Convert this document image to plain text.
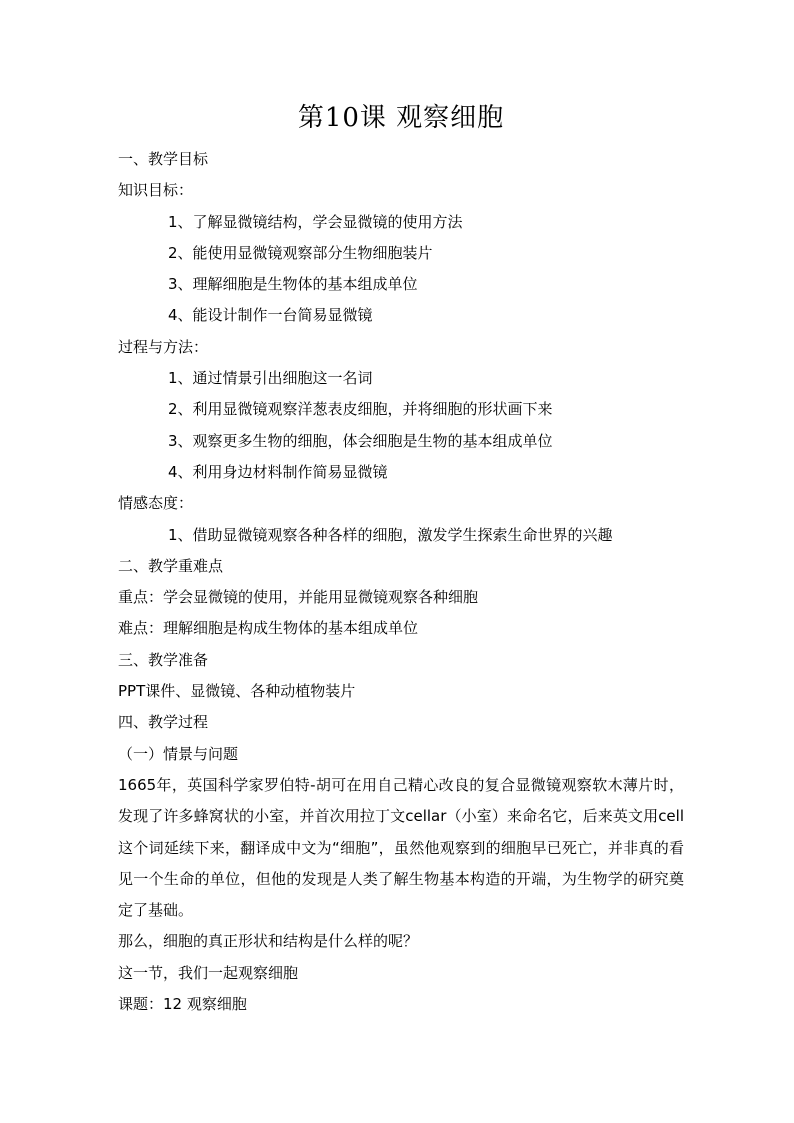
第10课 观察细胞

一、教学目标

知识目标：

1、了解显微镜结构，学会显微镜的使用方法

2、能使用显微镜观察部分生物细胞装片

3、理解细胞是生物体的基本组成单位

4、能设计制作一台简易显微镜

过程与方法：

1、通过情景引出细胞这一名词

2、利用显微镜观察洋葱表皮细胞，并将细胞的形状画下来

3、观察更多生物的细胞，体会细胞是生物的基本组成单位

4、利用身边材料制作简易显微镜

情感态度：

1、借助显微镜观察各种各样的细胞，激发学生探索生命世界的兴趣

二、教学重难点

重点：学会显微镜的使用，并能用显微镜观察各种细胞

难点：理解细胞是构成生物体的基本组成单位

三、教学准备

PPT课件、显微镜、各种动植物装片

四、教学过程

（一）情景与问题

1665年，英国科学家罗伯特-胡可在用自己精心改良的复合显微镜观察软木薄片时，发现了许多蜂窝状的小室，并首次用拉丁文cellar（小室）来命名它，后来英文用cell这个词延续下来，翻译成中文为“细胞”，虽然他观察到的细胞早已死亡，并非真的看见一个生命的单位，但他的发现是人类了解生物基本构造的开端，为生物学的研究奠定了基础。

那么，细胞的真正形状和结构是什么样的呢？

这一节，我们一起观察细胞

课题：12 观察细胞
